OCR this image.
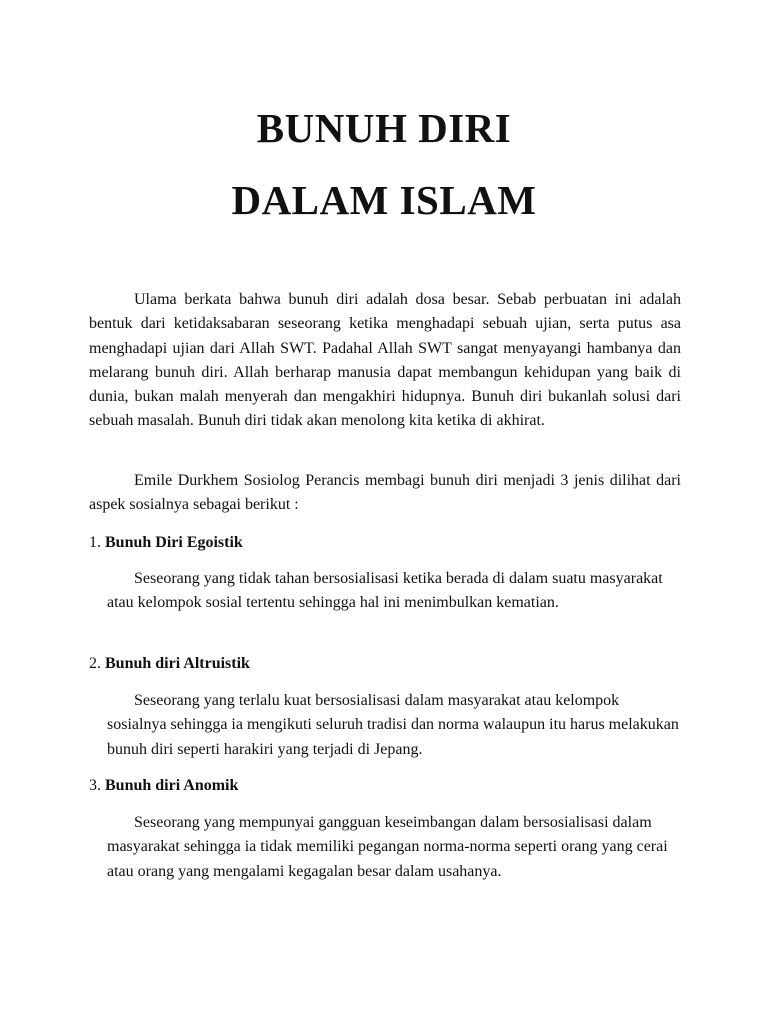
BUNUH DIRI
DALAM ISLAM

Ulama berkata bahwa bunuh diri adalah dosa besar. Sebab perbuatan ini adalah bentuk dari ketidaksabaran seseorang ketika menghadapi sebuah ujian, serta putus asa menghadapi ujian dari Allah SWT. Padahal Allah SWT sangat menyayangi hambanya dan melarang bunuh diri. Allah berharap manusia dapat membangun kehidupan yang baik di dunia, bukan malah menyerah dan mengakhiri hidupnya. Bunuh diri bukanlah solusi dari sebuah masalah. Bunuh diri tidak akan menolong kita ketika di akhirat.

Emile Durkhem Sosiolog Perancis membagi bunuh diri menjadi 3 jenis dilihat dari aspek sosialnya sebagai berikut :

1. Bunuh Diri Egoistik

Seseorang yang tidak tahan bersosialisasi ketika berada di dalam suatu masyarakat atau kelompok sosial tertentu sehingga hal ini menimbulkan kematian.

2. Bunuh diri Altruistik

Seseorang yang terlalu kuat bersosialisasi dalam masyarakat atau kelompok sosialnya sehingga ia mengikuti seluruh tradisi dan norma walaupun itu harus melakukan bunuh diri seperti harakiri yang terjadi di Jepang.

3. Bunuh diri Anomik

Seseorang yang mempunyai gangguan keseimbangan dalam bersosialisasi dalam masyarakat sehingga ia tidak memiliki pegangan norma-norma seperti orang yang cerai atau orang yang mengalami kegagalan besar dalam usahanya.
